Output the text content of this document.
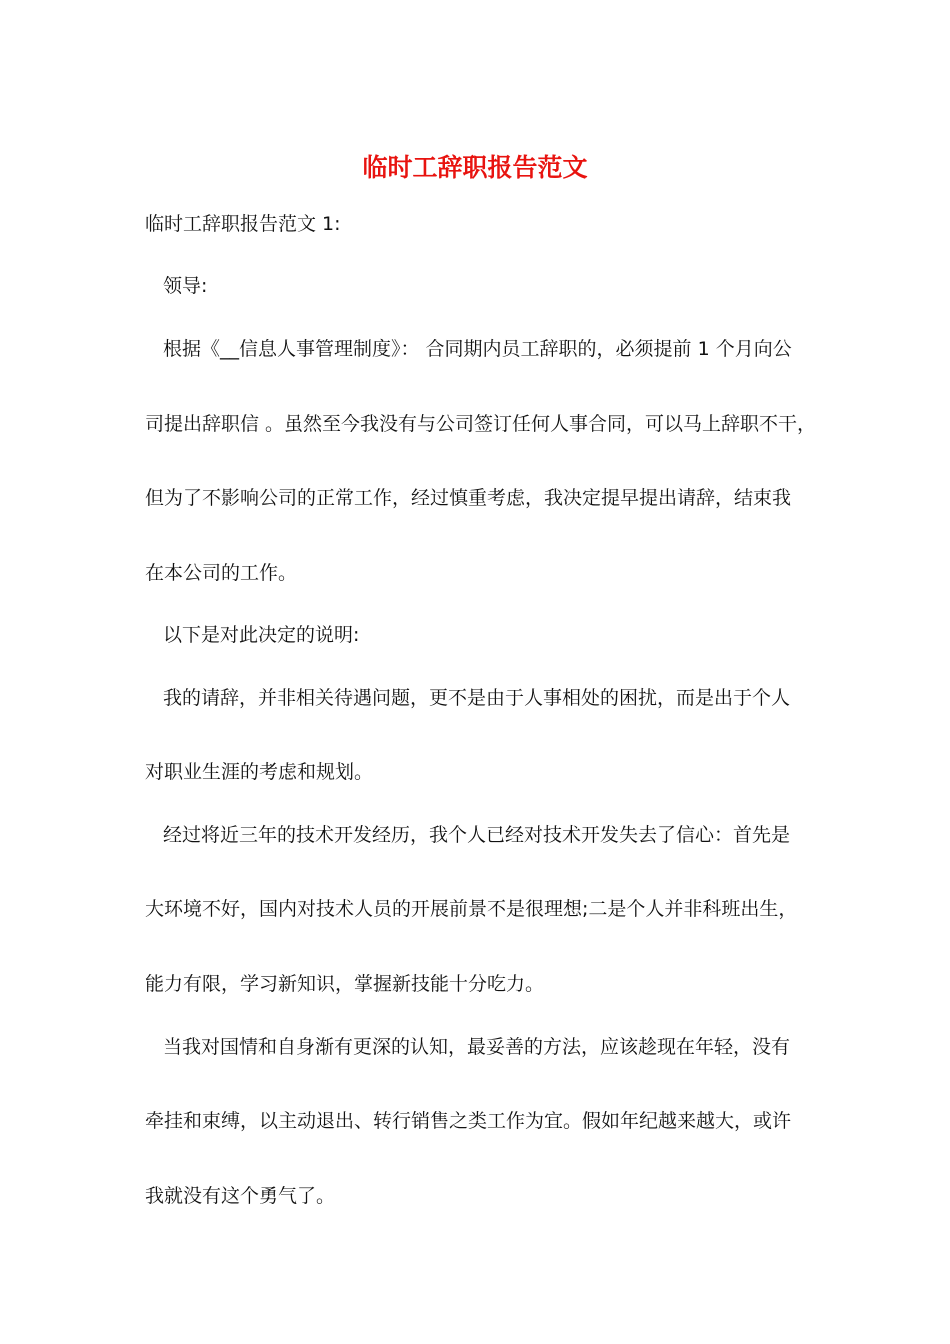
临时工辞职报告范文
临时工辞职报告范文 1:
领导:
根据《__信息人事管理制度》： 合同期内员工辞职的，必须提前 1 个月向公
司提出辞职信 。虽然至今我没有与公司签订任何人事合同，可以马上辞职不干，
但为了不影响公司的正常工作，经过慎重考虑，我决定提早提出请辞，结束我
在本公司的工作。
以下是对此决定的说明:
我的请辞，并非相关待遇问题，更不是由于人事相处的困扰，而是出于个人
对职业生涯的考虑和规划。
经过将近三年的技术开发经历，我个人已经对技术开发失去了信心：首先是
大环境不好，国内对技术人员的开展前景不是很理想;二是个人并非科班出生，
能力有限，学习新知识，掌握新技能十分吃力。
当我对国情和自身渐有更深的认知，最妥善的方法，应该趁现在年轻，没有
牵挂和束缚，以主动退出、转行销售之类工作为宜。假如年纪越来越大，或许
我就没有这个勇气了。
